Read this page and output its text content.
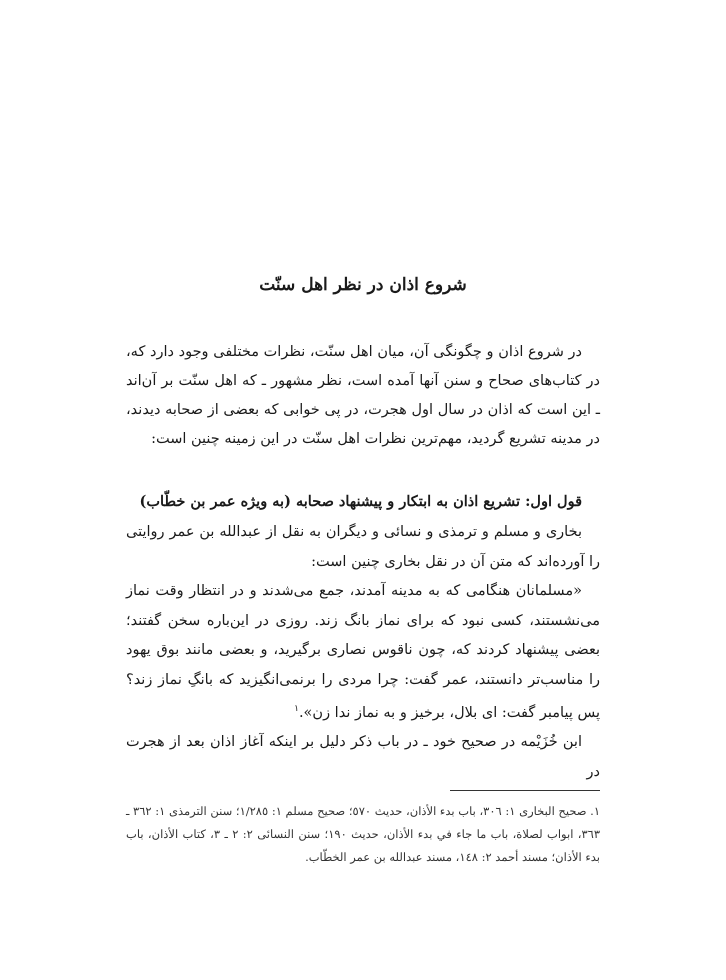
شروع اذان در نظر اهل سنّت

در شروع اذان و چگونگی آن، میان اهل سنّت، نظرات مختلفی وجود دارد که، در کتاب‌های صحاح و سنن آنها آمده است، نظر مشهور ـ که اهل سنّت بر آن‌اند ـ این است که اذان در سال اول هجرت، در پی خوابی که بعضی از صحابه دیدند، در مدینه تشریع گردید، مهم‌ترین نظرات اهل سنّت در این زمینه چنین است:

قول اول: تشریع اذان به ابتکار و پیشنهاد صحابه (به ویژه عمر بن خطّاب)

بخاری و مسلم و ترمذی و نسائی و دیگران به نقل از عبدالله بن عمر روایتی را آورده‌اند که متن آن در نقل بخاری چنین است:

«مسلمانان هنگامی که به مدینه آمدند، جمع می‌شدند و در انتظار وقت نماز می‌نشستند، کسی نبود که برای نماز بانگ زند. روزی در این‌باره سخن گفتند؛ بعضی پیشنهاد کردند که، چون ناقوس نصاری برگیرید، و بعضی مانند بوق یهود را مناسب‌تر دانستند، عمر گفت: چرا مردی را برنمی‌انگیزید که بانگِ نماز زند؟ پس پیامبر گفت: ای بلال، برخیز و به نماز ندا زن».$^١$

ابن خُزَیْمه در صحیح خود ـ در باب ذکر دلیل بر اینکه آغاز اذان بعد از هجرت در

١. صحیح البخاری ١: ٣٠٦، باب بدء الأذان، حدیث ٥٧٠؛ صحیح مسلم ١: ١/٢٨٥؛ سنن الترمذی ١: ٣٦٢ ـ ٣٦٣، ابواب لصلاة، باب ما جاء في بدء الأذان، حدیث ١٩٠؛ سنن النسائی ٢: ٢ ـ ٣، کتاب الأذان، باب بدء الأذان؛ مسند أحمد ٢: ١٤٨، مسند عبدالله بن عمر الخطّاب.
